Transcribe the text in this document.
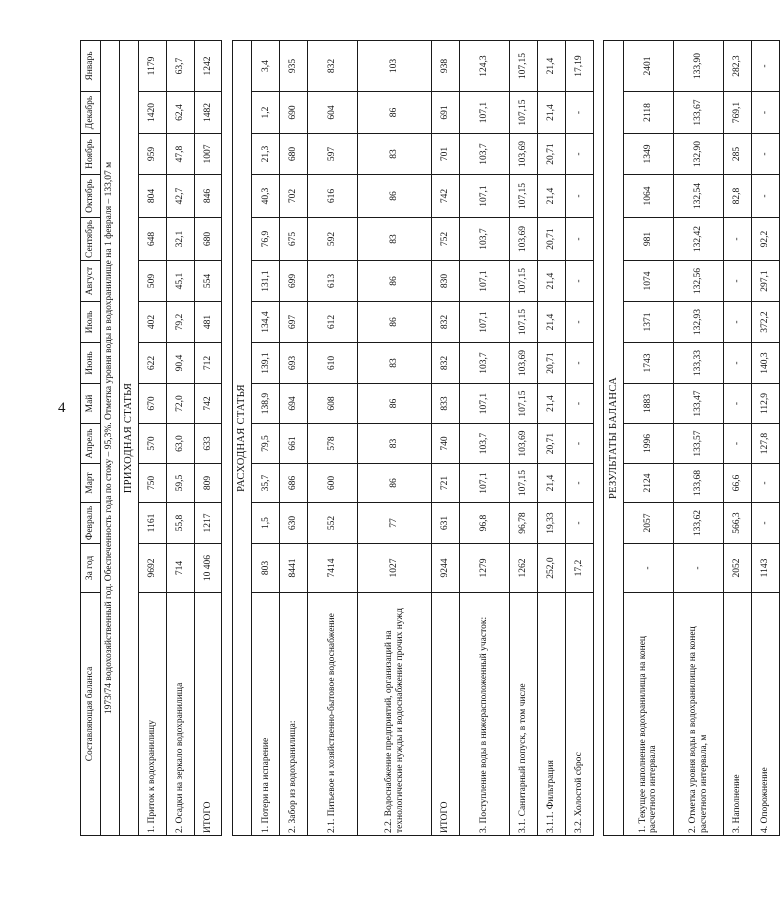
4
Составляющая баланса	За год	Февраль	Март	Апрель	Май	Июнь	Июль	Август	Сентябрь	Октябрь	Ноябрь	Декабрь	Январь
1973/74 водохозяйственный год. Обеспеченность года по стоку – 95,3%. Отметка уровня воды в водохранилище на 1 февраля – 133,07 м													
ПРИХОДНАЯ СТАТЬЯ													
1. Приток к водохранилищу	9692	1161	750	570	670	622	402	509	648	804	959	1420	1179
2. Осадки на зеркало водохранилища	714	55,8	59,5	63,0	72,0	90,4	79,2	45,1	32,1	42,7	47,8	62,4	63,7
ИТОГО	10 406	1217	809	633	742	712	481	554	680	846	1007	1482	1242

РАСХОДНАЯ СТАТЬЯ													
1. Потери на испарение	803	1,5	35,7	79,5	138,9	139,1	134,4	131,1	76,9	40,3	21,3	1,2	3,4
2. Забор из водохранилища:	8441	630	686	661	694	693	697	699	675	702	680	690	935
2.1. Питьевое и хозяйственно-бытовое водоснабжение	7414	552	600	578	608	610	612	613	592	616	597	604	832
2.2. Водоснабжение предприятий, организаций на технологические нужды и водоснабжение прочих нужд	1027	77	86	83	86	83	86	86	83	86	83	86	103
ИТОГО	9244	631	721	740	833	832	832	830	752	742	701	691	938
3. Поступление воды в нижерасположенный участок:	1279	96,8	107,1	103,7	107,1	103,7	107,1	107,1	103,7	107,1	103,7	107,1	124,3
3.1. Санитарный попуск, в том числе	1262	96,78	107,15	103,69	107,15	103,69	107,15	107,15	103,69	107,15	103,69	107,15	107,15
3.1.1. Фильтрация	252,0	19,33	21,4	20,71	21,4	20,71	21,4	21,4	20,71	21,4	20,71	21,4	21,4
3.2. Холостой сброс	17,2	-	-	-	-	-	-	-	-	-	-	-	17,19

РЕЗУЛЬТАТЫ БАЛАНСА													
1. Текущее наполнение водохранилища на конец расчетного интервала	-	2057	2124	1996	1883	1743	1371	1074	981	1064	1349	2118	2401
2. Отметка уровня воды в водохранилище на конец расчетного интервала, м	-	133,62	133,68	133,57	133,47	133,33	132,93	132,56	132,42	132,54	132,90	133,67	133,90
3. Наполнение	2052	566,3	66,6	-	-	-	-	-	-	82,8	285	769,1	282,3
4. Опорожнение	1143	-	-	127,8	112,9	140,3	372,2	297,1	92,2	-	-	-	-
